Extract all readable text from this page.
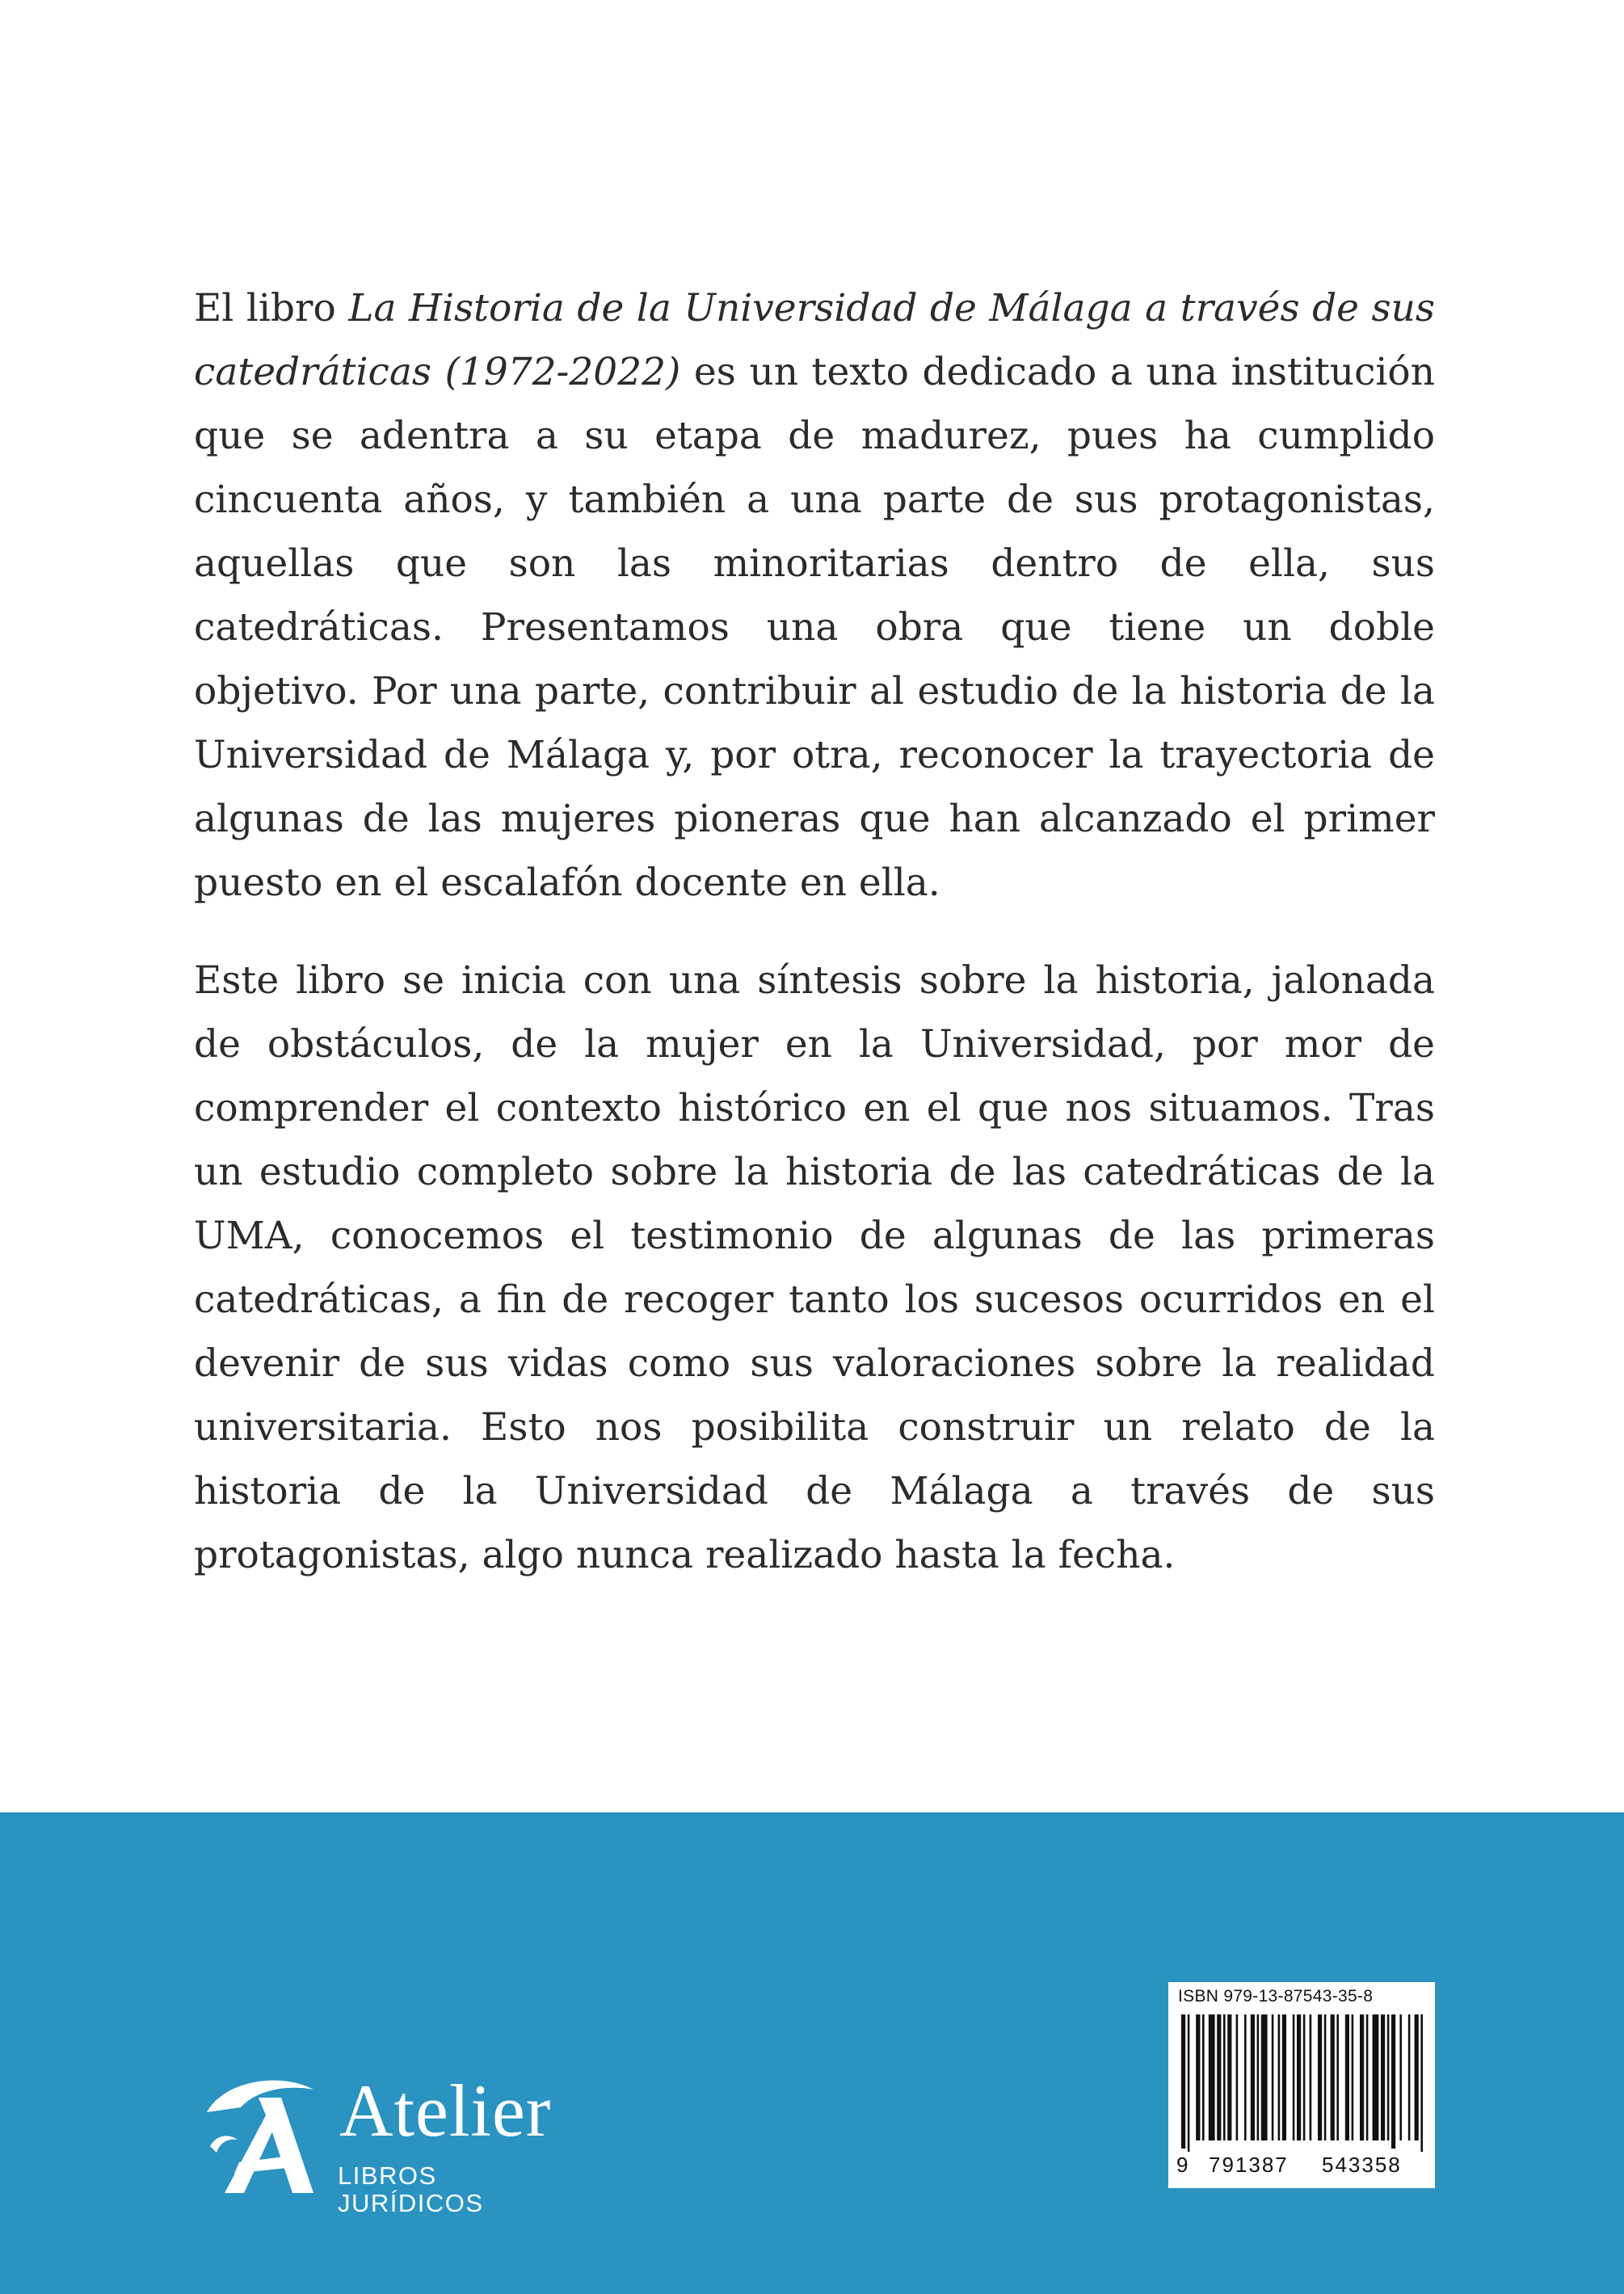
El libro La Historia de la Universidad de Málaga a través de sus catedráticas (1972-2022) es un texto dedicado a una institución que se adentra a su etapa de madurez, pues ha cumplido cincuenta años, y también a una parte de sus protagonistas, aquellas que son las minoritarias dentro de ella, sus catedráticas. Presentamos una obra que tiene un doble objetivo. Por una parte, contribuir al estudio de la historia de la Universidad de Málaga y, por otra, reconocer la trayectoria de algunas de las mujeres pioneras que han alcanzado el primer puesto en el escalafón docente en ella.

Este libro se inicia con una síntesis sobre la historia, jalonada de obstáculos, de la mujer en la Universidad, por mor de comprender el contexto histórico en el que nos situamos. Tras un estudio completo sobre la historia de las catedráticas de la UMA, conocemos el testimonio de algunas de las primeras catedráticas, a fin de recoger tanto los sucesos ocurridos en el devenir de sus vidas como sus valoraciones sobre la realidad universitaria. Esto nos posibilita construir un relato de la historia de la Universidad de Málaga a través de sus protagonistas, algo nunca realizado hasta la fecha.

Atelier
LIBROS JURÍDICOS
ISBN 979-13-87543-35-8
9 791387 543358
